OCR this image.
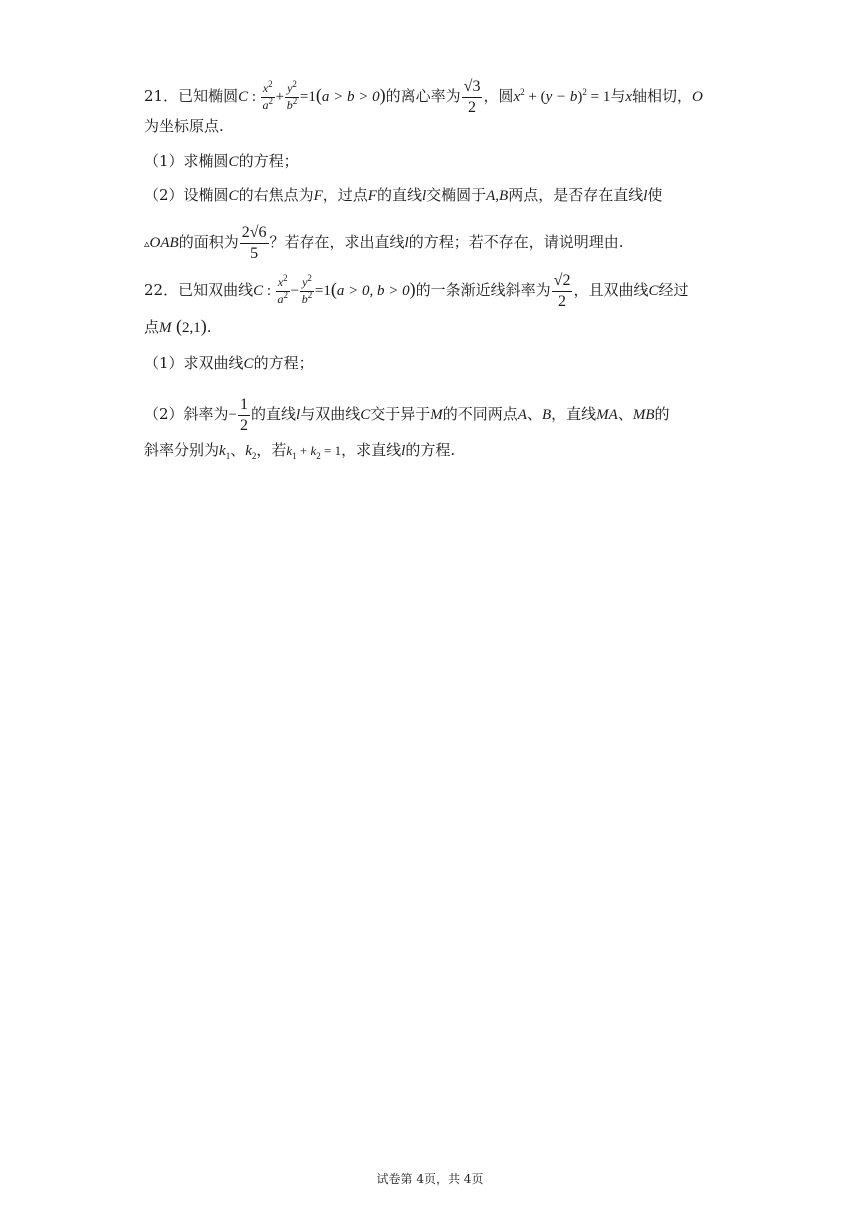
21．已知椭圆C : $\frac{x^2}{a^2} + \frac{y^2}{b^2} =1(a > b > 0)$的离心率为 $\frac{√3}{2}$ ，圆$x^2 + (y - b)^2 = 1$与x轴相切，O
为坐标原点.
（1）求椭圆C的方程；
（2）设椭圆C的右焦点为F，过点F的直线l交椭圆于A,B两点，是否存在直线l使
▵OAB的面积为 $\frac{2√6}{5}$ ？若存在，求出直线l的方程；若不存在，请说明理由.
22．已知双曲线C : $\frac{x^2}{a^2} - \frac{y^2}{b^2} =1(a > 0$, b > 0)的一条渐近线斜率为 $\frac{√2}{2}$ ，且双曲线C经过
点M (2,1).
（1）求双曲线C的方程；
（2）斜率为− $\frac{1}{2}$ 的直线l与双曲线C交于异于M的不同两点A、B，直线MA、MB的
斜率分别为$k_1$、$k_2$，若$k_1 + k_2 = 1$，求直线l的方程.
试卷第 4页，共 4页
